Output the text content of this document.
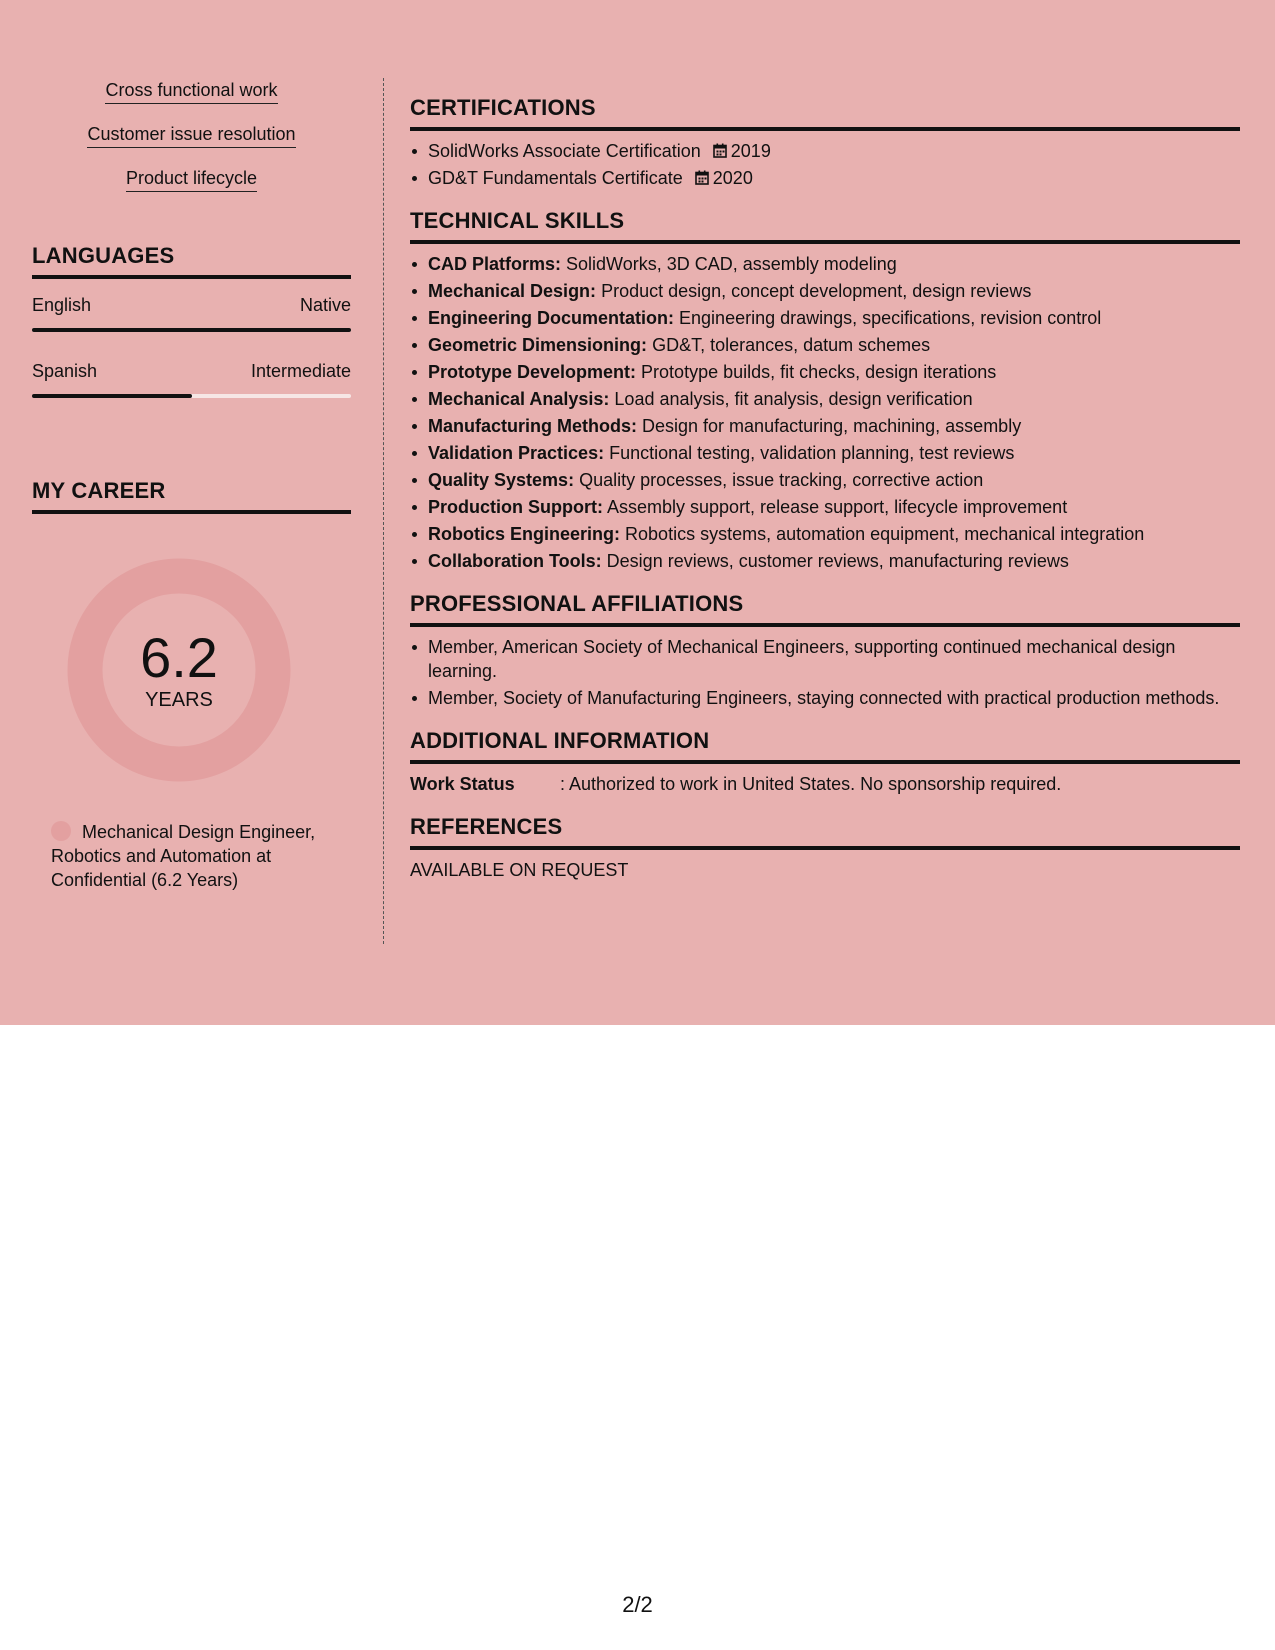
Cross functional work
Customer issue resolution
Product lifecycle
LANGUAGES
English	Native
Spanish	Intermediate
MY CAREER
6.2
YEARS
Mechanical Design Engineer, Robotics and Automation at Confidential (6.2 Years)
CERTIFICATIONS
SolidWorks Associate Certification 2019
GD&T Fundamentals Certificate 2020
TECHNICAL SKILLS
CAD Platforms: SolidWorks, 3D CAD, assembly modeling
Mechanical Design: Product design, concept development, design reviews
Engineering Documentation: Engineering drawings, specifications, revision control
Geometric Dimensioning: GD&T, tolerances, datum schemes
Prototype Development: Prototype builds, fit checks, design iterations
Mechanical Analysis: Load analysis, fit analysis, design verification
Manufacturing Methods: Design for manufacturing, machining, assembly
Validation Practices: Functional testing, validation planning, test reviews
Quality Systems: Quality processes, issue tracking, corrective action
Production Support: Assembly support, release support, lifecycle improvement
Robotics Engineering: Robotics systems, automation equipment, mechanical integration
Collaboration Tools: Design reviews, customer reviews, manufacturing reviews
PROFESSIONAL AFFILIATIONS
Member, American Society of Mechanical Engineers, supporting continued mechanical design learning.
Member, Society of Manufacturing Engineers, staying connected with practical production methods.
ADDITIONAL INFORMATION
Work Status	: Authorized to work in United States. No sponsorship required.
REFERENCES
AVAILABLE ON REQUEST
2/2
